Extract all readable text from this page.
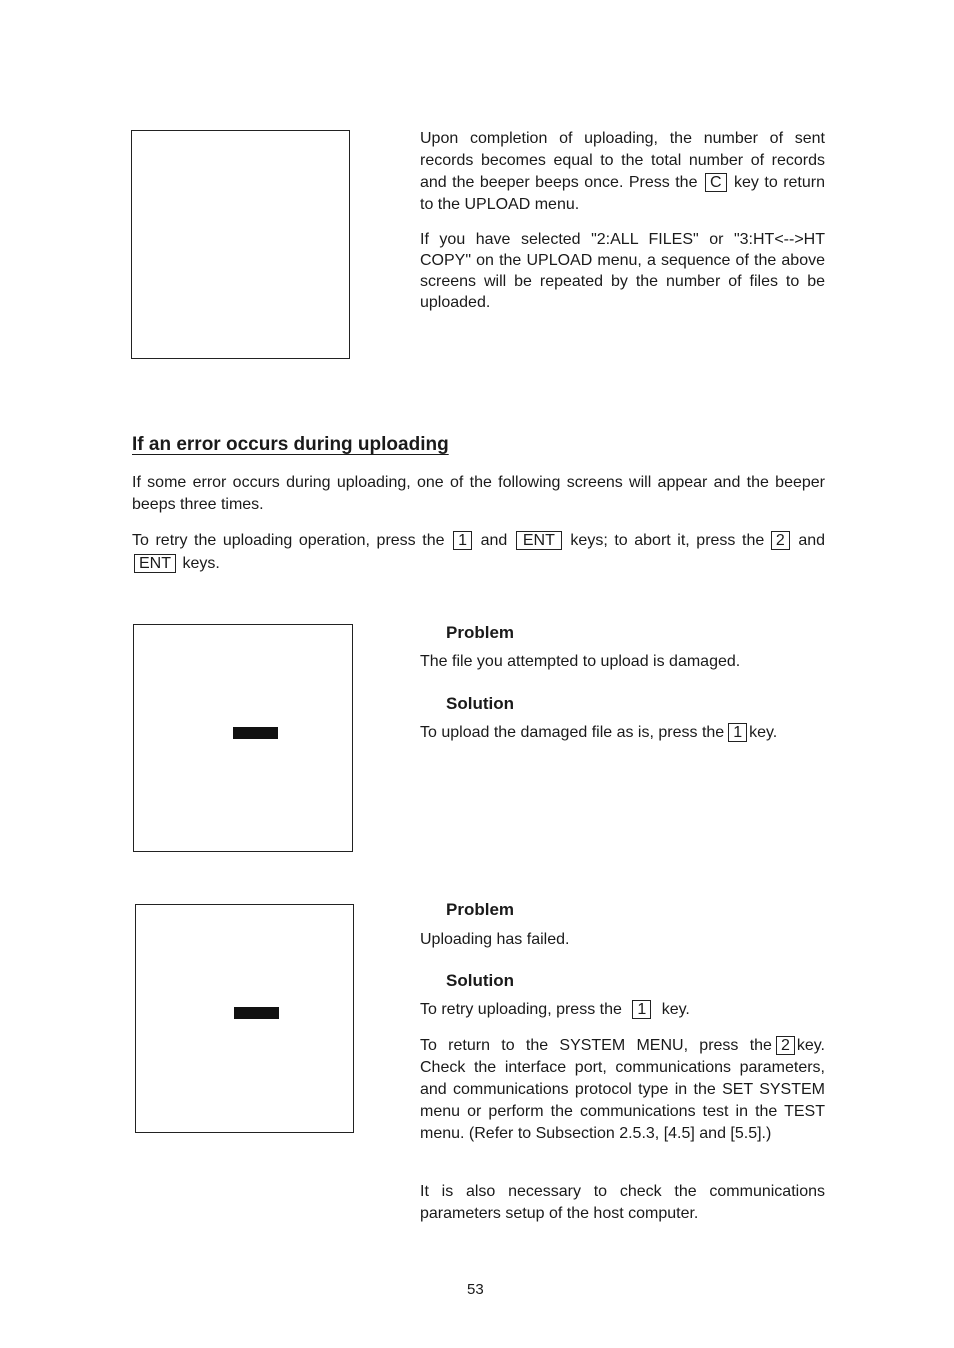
Upon completion of uploading, the number of sent records becomes equal to the total number of records and the beeper beeps once. Press the C key to return to the UPLOAD menu.
If you have selected "2:ALL FILES" or "3:HT<-->HT COPY" on the UPLOAD menu, a sequence of the above screens will be repeated by the number of files to be uploaded.
If an error occurs during uploading
If some error occurs during uploading, one of the following screens will appear and the beeper beeps three times.
To retry the uploading operation, press the 1 and ENT keys; to abort it, press the 2 and ENT keys.
Problem
The file you attempted to upload is damaged.
Solution
To upload the damaged file as is, press the 1 key.
Problem
Uploading has failed.
Solution
To retry uploading, press the 1 key.
To return to the SYSTEM MENU, press the 2 key. Check the interface port, communications parameters, and communications protocol type in the SET SYSTEM menu or perform the communications test in the TEST menu. (Refer to Subsection 2.5.3, [4.5] and [5.5].)
It is also necessary to check the communications parameters setup of the host computer.
53
